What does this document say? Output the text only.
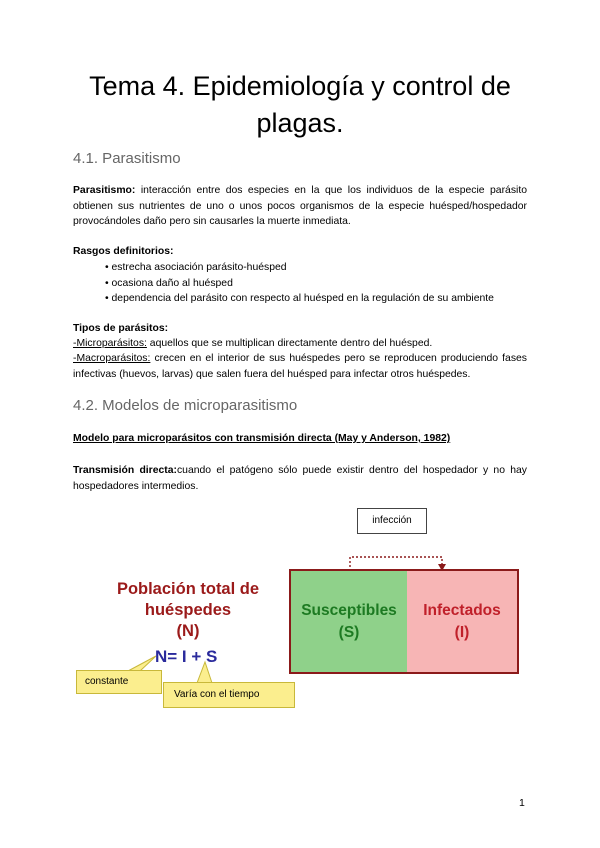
Tema 4. Epidemiología y control de plagas.
4.1. Parasitismo

Parasitismo: interacción entre dos especies en la que los individuos de la especie parásito obtienen sus nutrientes de uno o unos pocos organismos de la especie huésped/hospedador provocándoles daño pero sin causarles la muerte inmediata.

Rasgos definitorios:

• estrecha asociación parásito-huésped
• ocasiona daño al huésped
• dependencia del parásito con respecto al huésped en la regulación de su ambiente

Tipos de parásitos:

-Microparásitos: aquellos que se multiplican directamente dentro del huésped.

-Macroparásitos: crecen en el interior de sus huéspedes pero se reproducen produciendo fases infectivas (huevos, larvas) que salen fuera del huésped para infectar otros huéspedes.

4.2. Modelos de microparasitismo

Modelo para microparásitos con transmisión directa (May y Anderson, 1982)

Transmisión directa:cuando el patógeno sólo puede existir dentro del hospedador y no hay hospedadores intermedios.

infección
Población total de
huéspedes
(N)
N= I + S
Susceptibles
(S)
Infectados
(I)
constante
Varía con el tiempo
1
